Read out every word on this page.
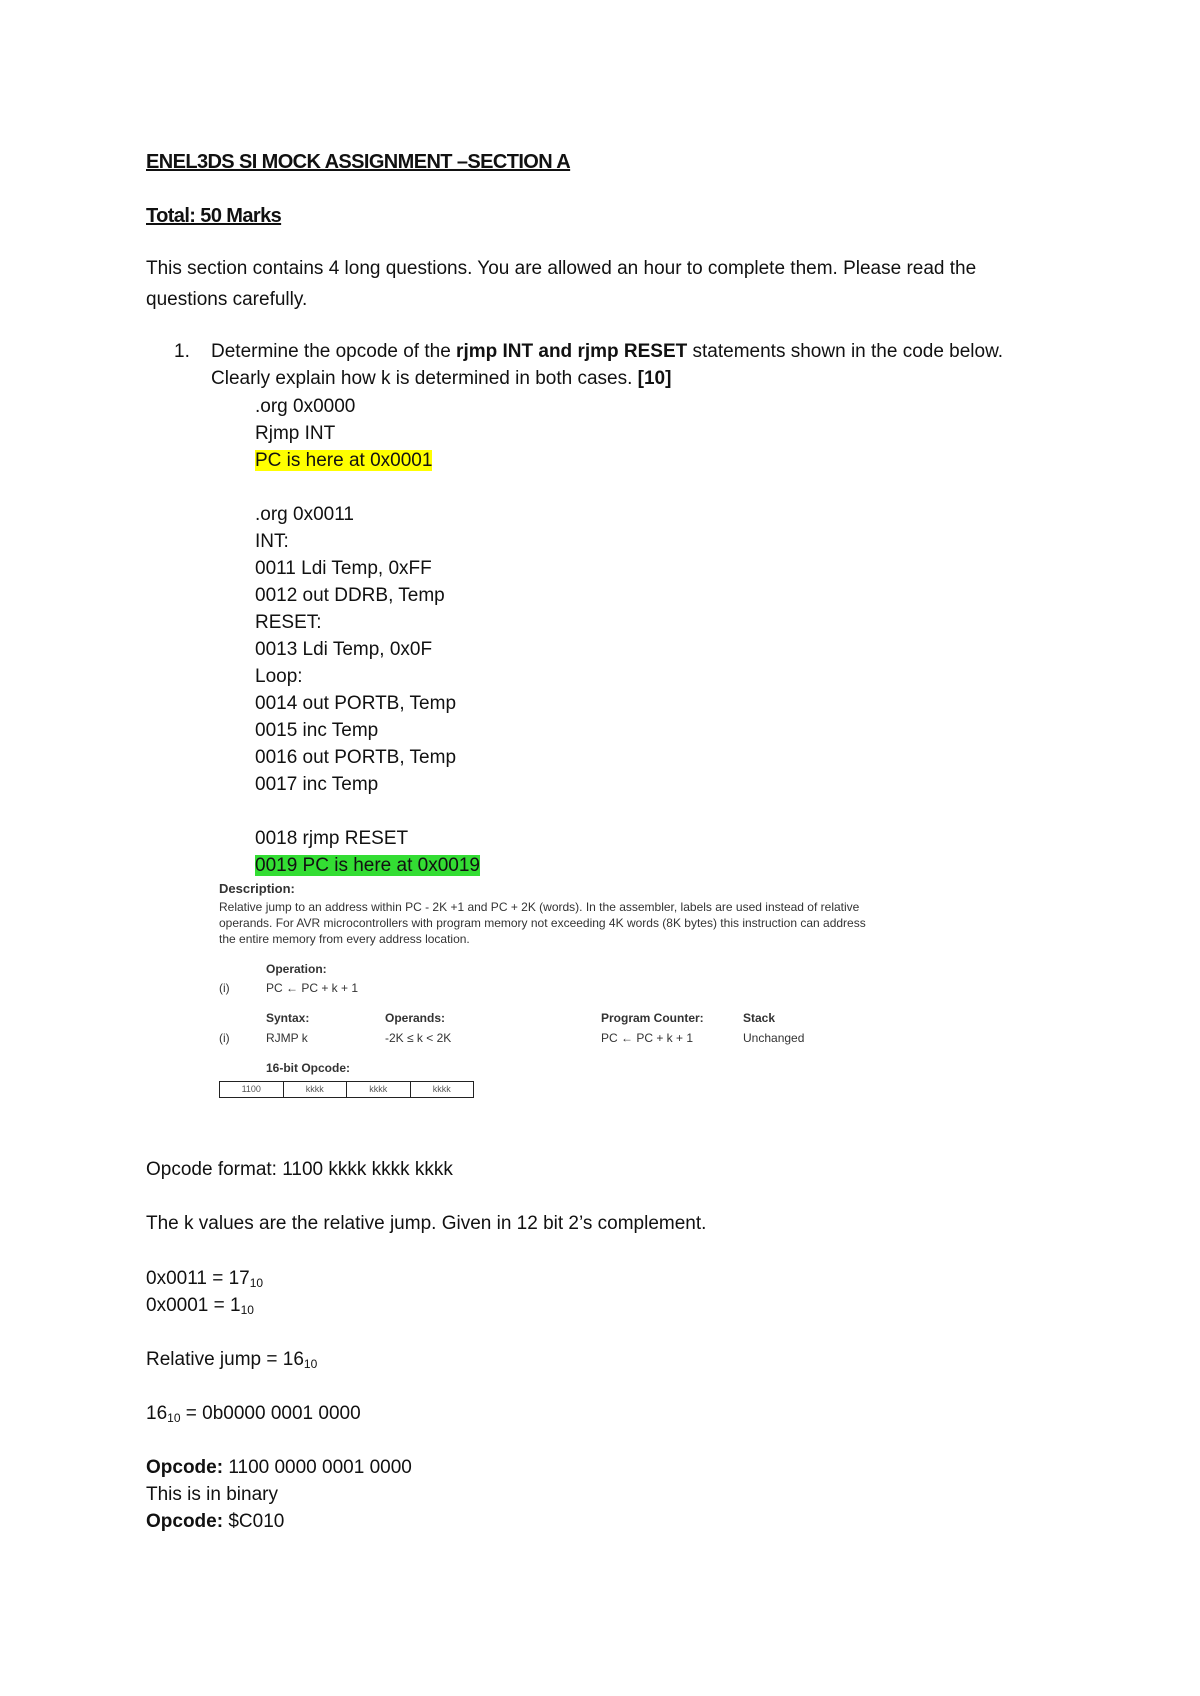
ENEL3DS SI MOCK ASSIGNMENT –SECTION A
Total: 50 Marks
This section contains 4 long questions. You are allowed an hour to complete them. Please read the
questions carefully.
1. Determine the opcode of the rjmp INT and rjmp RESET statements shown in the code below.
Clearly explain how k is determined in both cases. [10]
.org 0x0000
Rjmp INT
PC is here at 0x0001
.org 0x0011
INT:
0011 Ldi Temp, 0xFF
0012 out DDRB, Temp
RESET:
0013 Ldi Temp, 0x0F
Loop:
0014 out PORTB, Temp
0015 inc Temp
0016 out PORTB, Temp
0017 inc Temp
0018 rjmp RESET
0019 PC is here at 0x0019
Description:
Relative jump to an address within PC - 2K +1 and PC + 2K (words). In the assembler, labels are used instead of relative
operands. For AVR microcontrollers with program memory not exceeding 4K words (8K bytes) this instruction can address
the entire memory from every address location.
Operation:
(i)	PC ← PC + k + 1
Syntax:	Operands:	Program Counter:	Stack
(i)	RJMP k	-2K ≤ k < 2K	PC ← PC + k + 1	Unchanged
16-bit Opcode:
1100	kkkk	kkkk	kkkk
Opcode format: 1100 kkkk kkkk kkkk
The k values are the relative jump. Given in 12 bit 2’s complement.
$0x0011 = 17_{10}$
$0x0001 = 1_{10}$
Relative jump = $16_{10}$
$16_{10} = 0b0000$ 0001 0000
Opcode: 1100 0000 0001 0000
This is in binary
Opcode: $C010
